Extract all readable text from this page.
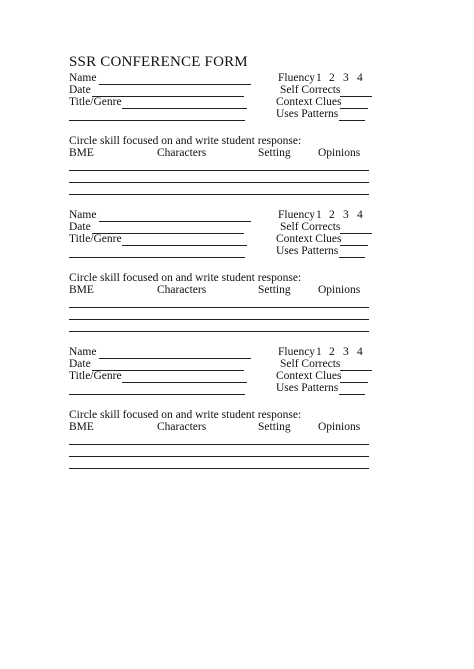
SSR CONFERENCE FORM
Name
Date
Title/Genre
Fluency 1 2 3 4
Self Corrects
Context Clues
Uses Patterns
Circle skill focused on and write student response:
BME	Characters	Setting Opinions
Name
Date
Title/Genre
Fluency 1 2 3 4
Self Corrects
Context Clues
Uses Patterns
Circle skill focused on and write student response:
BME	Characters	Setting Opinions
Name
Date
Title/Genre
Fluency 1 2 3 4
Self Corrects
Context Clues
Uses Patterns
Circle skill focused on and write student response:
BME	Characters	Setting Opinions
